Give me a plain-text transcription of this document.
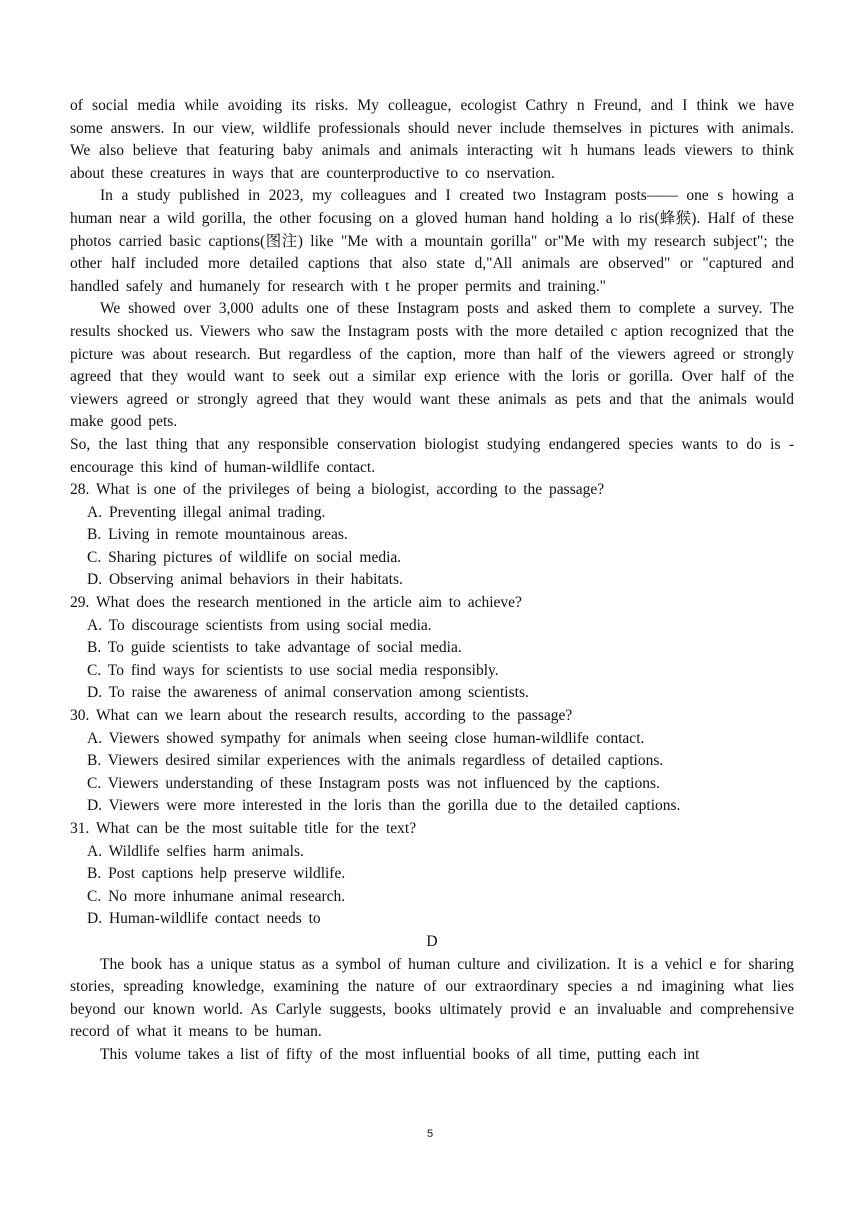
of social media while avoiding its risks. My colleague, ecologist Cathry n Freund, and I think we have some answers. In our view, wildlife professionals should never include themselves in pictures with animals. We also believe that featuring baby animals and animals interacting wit h humans leads viewers to think about these creatures in ways that are counterproductive to co nservation.

In a study published in 2023, my colleagues and I created two Instagram posts—— one s howing a human near a wild gorilla, the other focusing on a gloved human hand holding a lo ris(蜂猴). Half of these photos carried basic captions(图注) like "Me with a mountain gorilla" or"Me with my research subject"; the other half included more detailed captions that also state d,"All animals are observed" or "captured and handled safely and humanely for research with t he proper permits and training."

We showed over 3,000 adults one of these Instagram posts and asked them to complete a survey. The results shocked us. Viewers who saw the Instagram posts with the more detailed c aption recognized that the picture was about research. But regardless of the caption, more than half of the viewers agreed or strongly agreed that they would want to seek out a similar exp erience with the loris or gorilla. Over half of the viewers agreed or strongly agreed that they would want these animals as pets and that the animals would make good pets.

So, the last thing that any responsible conservation biologist studying endangered species wants to do is - encourage this kind of human-wildlife contact.

28. What is one of the privileges of being a biologist, according to the passage?

A. Preventing illegal animal trading.

B. Living in remote mountainous areas.

C. Sharing pictures of wildlife on social media.

D. Observing animal behaviors in their habitats.

29. What does the research mentioned in the article aim to achieve?

A. To discourage scientists from using social media.

B. To guide scientists to take advantage of social media.

C. To find ways for scientists to use social media responsibly.

D. To raise the awareness of animal conservation among scientists.

30. What can we learn about the research results, according to the passage?

A. Viewers showed sympathy for animals when seeing close human-wildlife contact.

B. Viewers desired similar experiences with the animals regardless of detailed captions.

C. Viewers understanding of these Instagram posts was not influenced by the captions.

D. Viewers were more interested in the loris than the gorilla due to the detailed captions.

31. What can be the most suitable title for the text?

A. Wildlife selfies harm animals.

B. Post captions help preserve wildlife.

C. No more inhumane animal research.

D. Human-wildlife contact needs to

D

The book has a unique status as a symbol of human culture and civilization. It is a vehicl e for sharing stories, spreading knowledge, examining the nature of our extraordinary species a nd imagining what lies beyond our known world. As Carlyle suggests, books ultimately provid e an invaluable and comprehensive record of what it means to be human.

This volume takes a list of fifty of the most influential books of all time, putting each int

5
